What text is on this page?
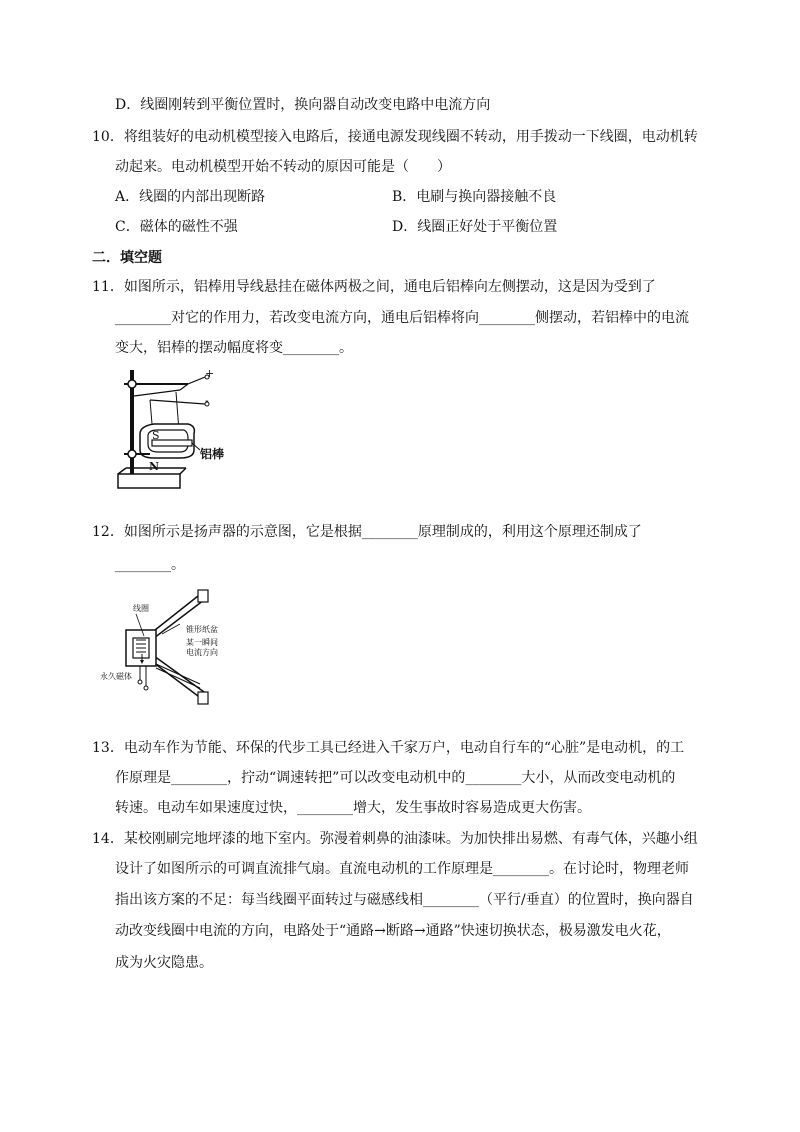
D．线圈刚转到平衡位置时，换向器自动改变电路中电流方向
10．将组装好的电动机模型接入电路后，接通电源发现线圈不转动，用手拨动一下线圈，电动机转
动起来。电动机模型开始不转动的原因可能是（　　）
A．线圈的内部出现断路	B．电刷与换向器接触不良
C．磁体的磁性不强	D．线圈正好处于平衡位置
二．填空题
11．如图所示，铝棒用导线悬挂在磁体两极之间，通电后铝棒向左侧摆动，这是因为受到了
________对它的作用力，若改变电流方向，通电后铝棒将向________侧摆动，若铝棒中的电流
变大，铝棒的摆动幅度将变________。
+
-
S
N
铝棒
12．如图所示是扬声器的示意图，它是根据________原理制成的，利用这个原理还制成了
________。
线圈
锥形纸盆
某一瞬间
电流方向
永久磁体
13．电动车作为节能、环保的代步工具已经进入千家万户，电动自行车的“心脏”是电动机，的工
作原理是________，拧动“调速转把”可以改变电动机中的________大小，从而改变电动机的
转速。电动车如果速度过快，________增大，发生事故时容易造成更大伤害。
14．某校刚刷完地坪漆的地下室内。弥漫着刺鼻的油漆味。为加快排出易燃、有毒气体，兴趣小组
设计了如图所示的可调直流排气扇。直流电动机的工作原理是________。在讨论时，物理老师
指出该方案的不足：每当线圈平面转过与磁感线相________（平行/垂直）的位置时，换向器自
动改变线圈中电流的方向，电路处于“通路→断路→通路”快速切换状态，极易激发电火花，
成为火灾隐患。
